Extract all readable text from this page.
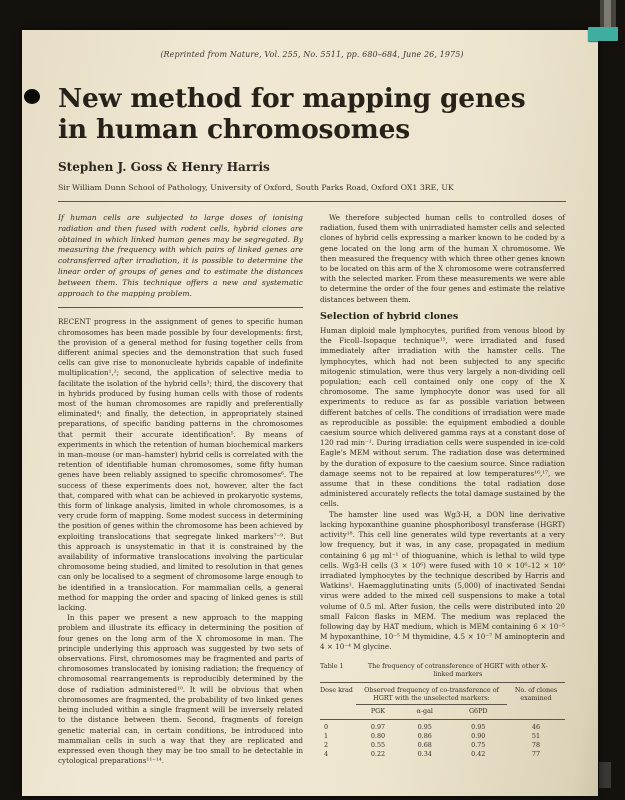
(Reprinted from Nature, Vol. 255, No. 5511, pp. 680–684, June 26, 1975)
New method for mapping genes in human chromosomes
Stephen J. Goss & Henry Harris
Sir William Dunn School of Pathology, University of Oxford, South Parks Road, Oxford OX1 3RE, UK
If human cells are subjected to large doses of ionising radiation and then fused with rodent cells, hybrid clones are obtained in which linked human genes may be segregated. By measuring the frequency with which pairs of linked genes are cotransferred after irradiation, it is possible to determine the linear order of groups of genes and to estimate the distances between them. This technique offers a new and systematic approach to the mapping problem.

RECENT progress in the assignment of genes to specific human chromosomes has been made possible by four developments: first, the provision of a general method for fusing together cells from different animal species and the demonstration that such fused cells can give rise to mononucleate hybrids capable of indefinite multiplication¹,²; second, the application of selective media to facilitate the isolation of the hybrid cells³; third, the discovery that in hybrids produced by fusing human cells with those of rodents most of the human chromosomes are rapidly and preferentially eliminated⁴; and finally, the detection, in appropriately stained preparations, of specific banding patterns in the chromosomes that permit their accurate identification⁵. By means of experiments in which the retention of human biochemical markers in man–mouse (or man–hamster) hybrid cells is correlated with the retention of identifiable human chromosomes, some fifty human genes have been reliably assigned to specific chromosomes⁶. The success of these experiments does not, however, alter the fact that, compared with what can be achieved in prokaryotic systems, this form of linkage analysis, limited in whole chromosomes, is a very crude form of mapping. Some modest success in determining the position of genes within the chromosome has been achieved by exploiting translocations that segregate linked markers⁷⁻⁹. But this approach is unsystematic in that it is constrained by the availability of informative translocations involving the particular chromosome being studied, and limited to resolution in that genes can only be localised to a segment of chromosome large enough to be identified in a translocation. For mammalian cells, a general method for mapping the order and spacing of linked genes is still lacking.

In this paper we present a new approach to the mapping problem and illustrate its efficacy in determining the position of four genes on the long arm of the X chromosome in man. The principle underlying this approach was suggested by two sets of observations. First, chromosomes may be fragmented and parts of chromosomes translocated by ionising radiation; the frequency of chromosomal rearrangements is reproducibly determined by the dose of radiation administered¹⁰. It will be obvious that when chromosomes are fragmented, the probability of two linked genes being included within a single fragment will be inversely related to the distance between them. Second, fragments of foreign genetic material can, in certain conditions, be introduced into mammalian cells in such a way that they are replicated and expressed even though they may be too small to be detectable in cytological preparations¹¹⁻¹⁴.

We therefore subjected human cells to controlled doses of radiation, fused them with unirradiated hamster cells and selected clones of hybrid cells expressing a marker known to be coded by a gene located on the long arm of the human X chromosome. We then measured the frequency with which three other genes known to be located on this arm of the X chromosome were cotransferred with the selected marker. From these measurements we were able to determine the order of the four genes and estimate the relative distances between them.

Selection of hybrid clones

Human diploid male lymphocytes, purified from venous blood by the Ficoll–Isopaque technique¹⁵, were irradiated and fused immediately after irradiation with the hamster cells. The lymphocytes, which had not been subjected to any specific mitogenic stimulation, were thus very largely a non-dividing cell population; each cell contained only one copy of the X chromosome. The same lymphocyte donor was used for all experiments to reduce as far as possible variation between different batches of cells. The conditions of irradiation were made as reproducible as possible: the equipment embodied a double caesium source which delivered gamma rays at a constant dose of 120 rad min⁻¹. During irradiation cells were suspended in ice-cold Eagle's MEM without serum. The radiation dose was determined by the duration of exposure to the caesium source. Since radiation damage seems not to be repaired at low temperatures¹⁶,¹⁷, we assume that in these conditions the total radiation dose administered accurately reflects the total damage sustained by the cells.

The hamster line used was Wg3-H, a DON line derivative lacking hypoxanthine guanine phosphoribosyl transferase (HGRT) activity¹⁸. This cell line generates wild type revertants at a very low frequency, but it was, in any case, propagated in medium containing 6 μg ml⁻¹ of thioguanine, which is lethal to wild type cells. Wg3-H cells (3 × 10⁶) were fused with 10 × 10⁶–12 × 10⁶ irradiated lymphocytes by the technique described by Harris and Watkins¹. Haemagglutinating units (5,000) of inactivated Sendai virus were added to the mixed cell suspensions to make a total volume of 0.5 ml. After fusion, the cells were distributed into 20 small Falcon flasks in MEM. The medium was replaced the following day by HAT medium, which is MEM containing 6 × 10⁻⁵ M hypoxanthine, 10⁻⁵ M thymidine, 4.5 × 10⁻⁷ M aminopterin and 4 × 10⁻⁴ M glycine.

Table 1	The frequency of cotransference of HGRT with other X-linked markers
Dose krad	Observed frequency of co-transference of HGRT with the unselected markers:			No. of clones examined
	PGK	α-gal	G6PD	
0	0.97	0.95	0.95	46
1	0.80	0.86	0.90	51
2	0.55	0.68	0.75	78
4	0.22	0.34	0.42	77
